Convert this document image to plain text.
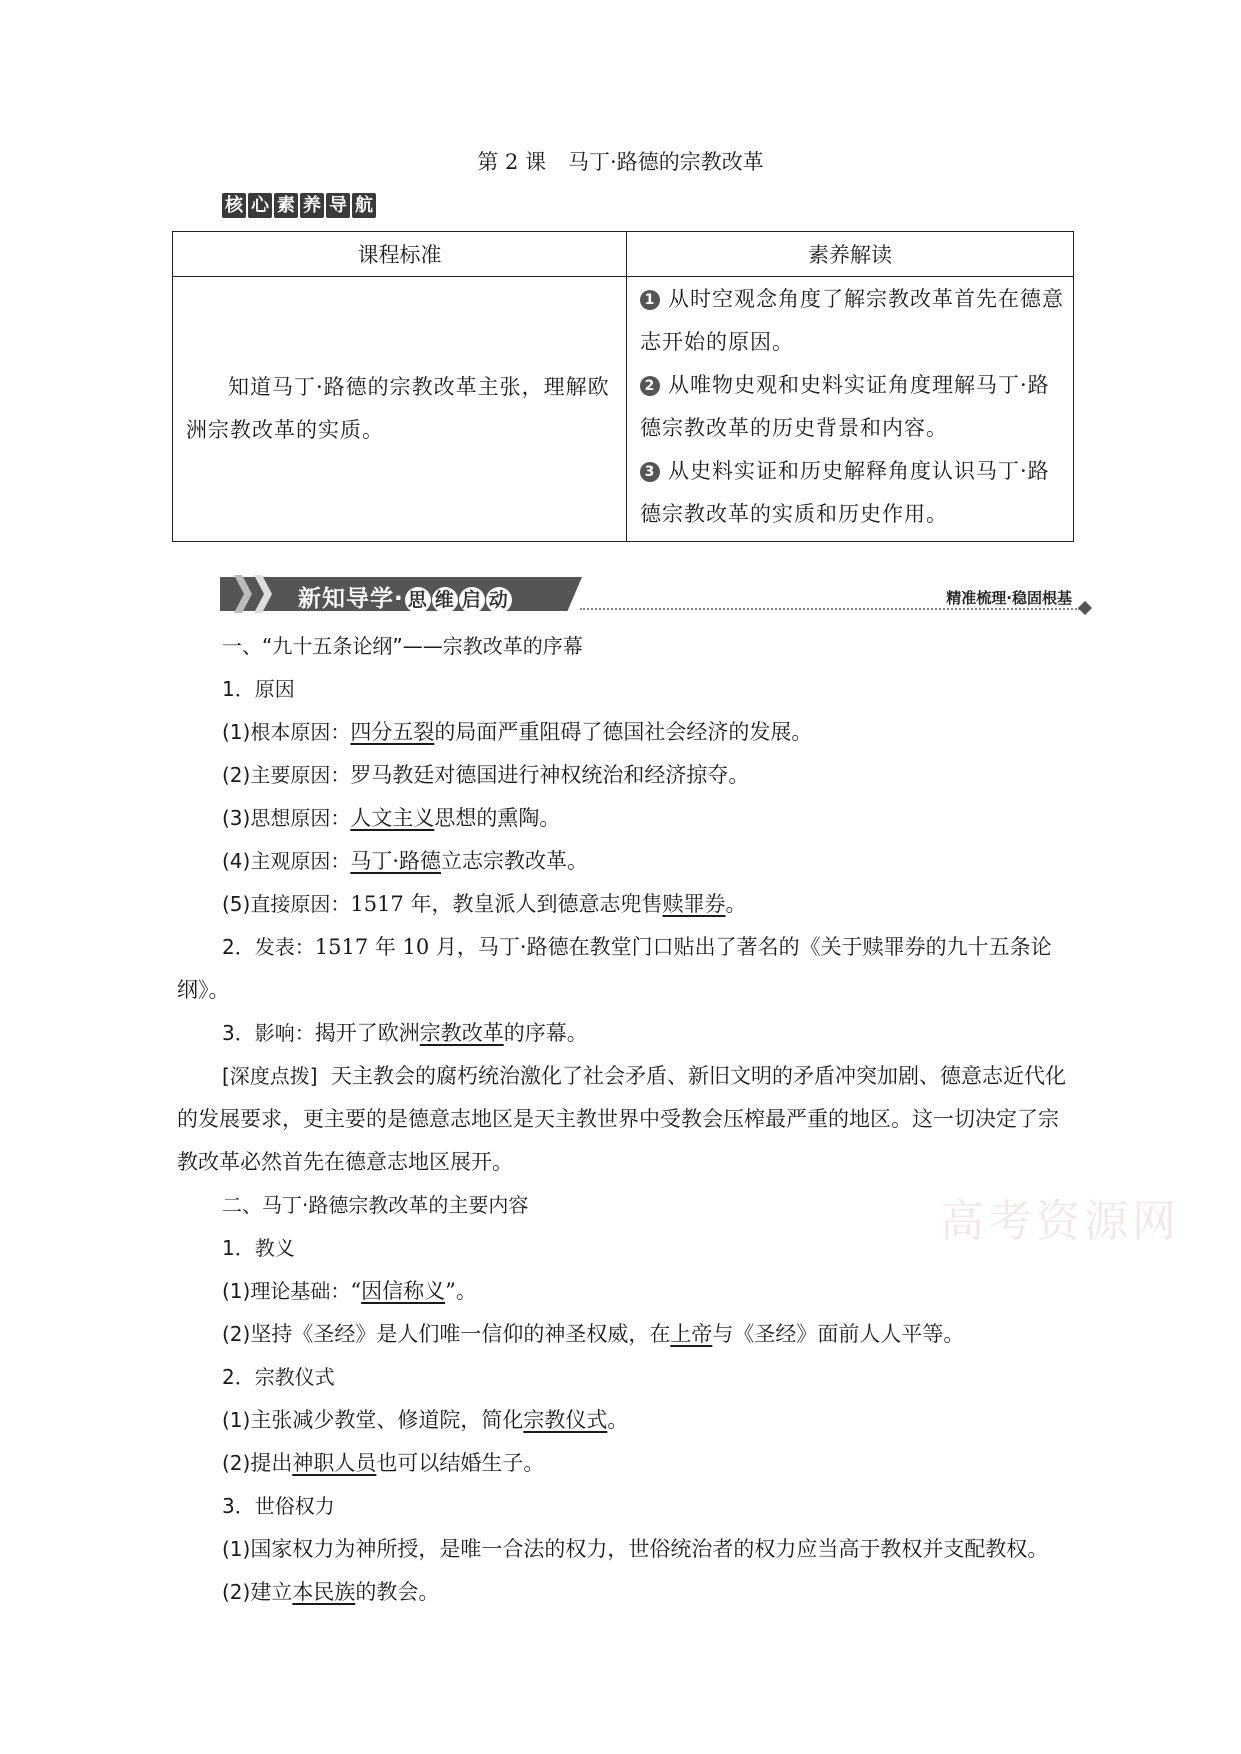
第 2 课 马丁·路德的宗教改革
核 心 素 养 导 航
课程标准	素养解读

知道马丁·路德的宗教改革主张，理解欧洲宗教改革的实质。	1 从时空观念角度了解宗教改革首先在德意志开始的原因。
2 从唯物史观和史料实证角度理解马丁·路德宗教改革的历史背景和内容。
3 从史料实证和历史解释角度认识马丁·路德宗教改革的实质和历史作用。
新知导学· 思 维 启 动	精准梳理·稳固根基
高考资源网

一、“九十五条论纲”——宗教改革的序幕

1．原因

(1)根本原因：四分五裂的局面严重阻碍了德国社会经济的发展。

(2)主要原因：罗马教廷对德国进行神权统治和经济掠夺。

(3)思想原因：人文主义思想的熏陶。

(4)主观原因：马丁·路德立志宗教改革。

(5)直接原因：1517 年，教皇派人到德意志兜售赎罪券。

2．发表：1517 年 10 月，马丁·路德在教堂门口贴出了著名的《关于赎罪券的九十五条论纲》。

3．影响：揭开了欧洲宗教改革的序幕。

[深度点拨] 天主教会的腐朽统治激化了社会矛盾、新旧文明的矛盾冲突加剧、德意志近代化的发展要求，更主要的是德意志地区是天主教世界中受教会压榨最严重的地区。这一切决定了宗教改革必然首先在德意志地区展开。

二、马丁·路德宗教改革的主要内容

1．教义

(1)理论基础：“因信称义”。

(2)坚持《圣经》是人们唯一信仰的神圣权威，在上帝与《圣经》面前人人平等。

2．宗教仪式

(1)主张减少教堂、修道院，简化宗教仪式。

(2)提出神职人员也可以结婚生子。

3．世俗权力

(1)国家权力为神所授，是唯一合法的权力，世俗统治者的权力应当高于教权并支配教权。

(2)建立本民族的教会。
